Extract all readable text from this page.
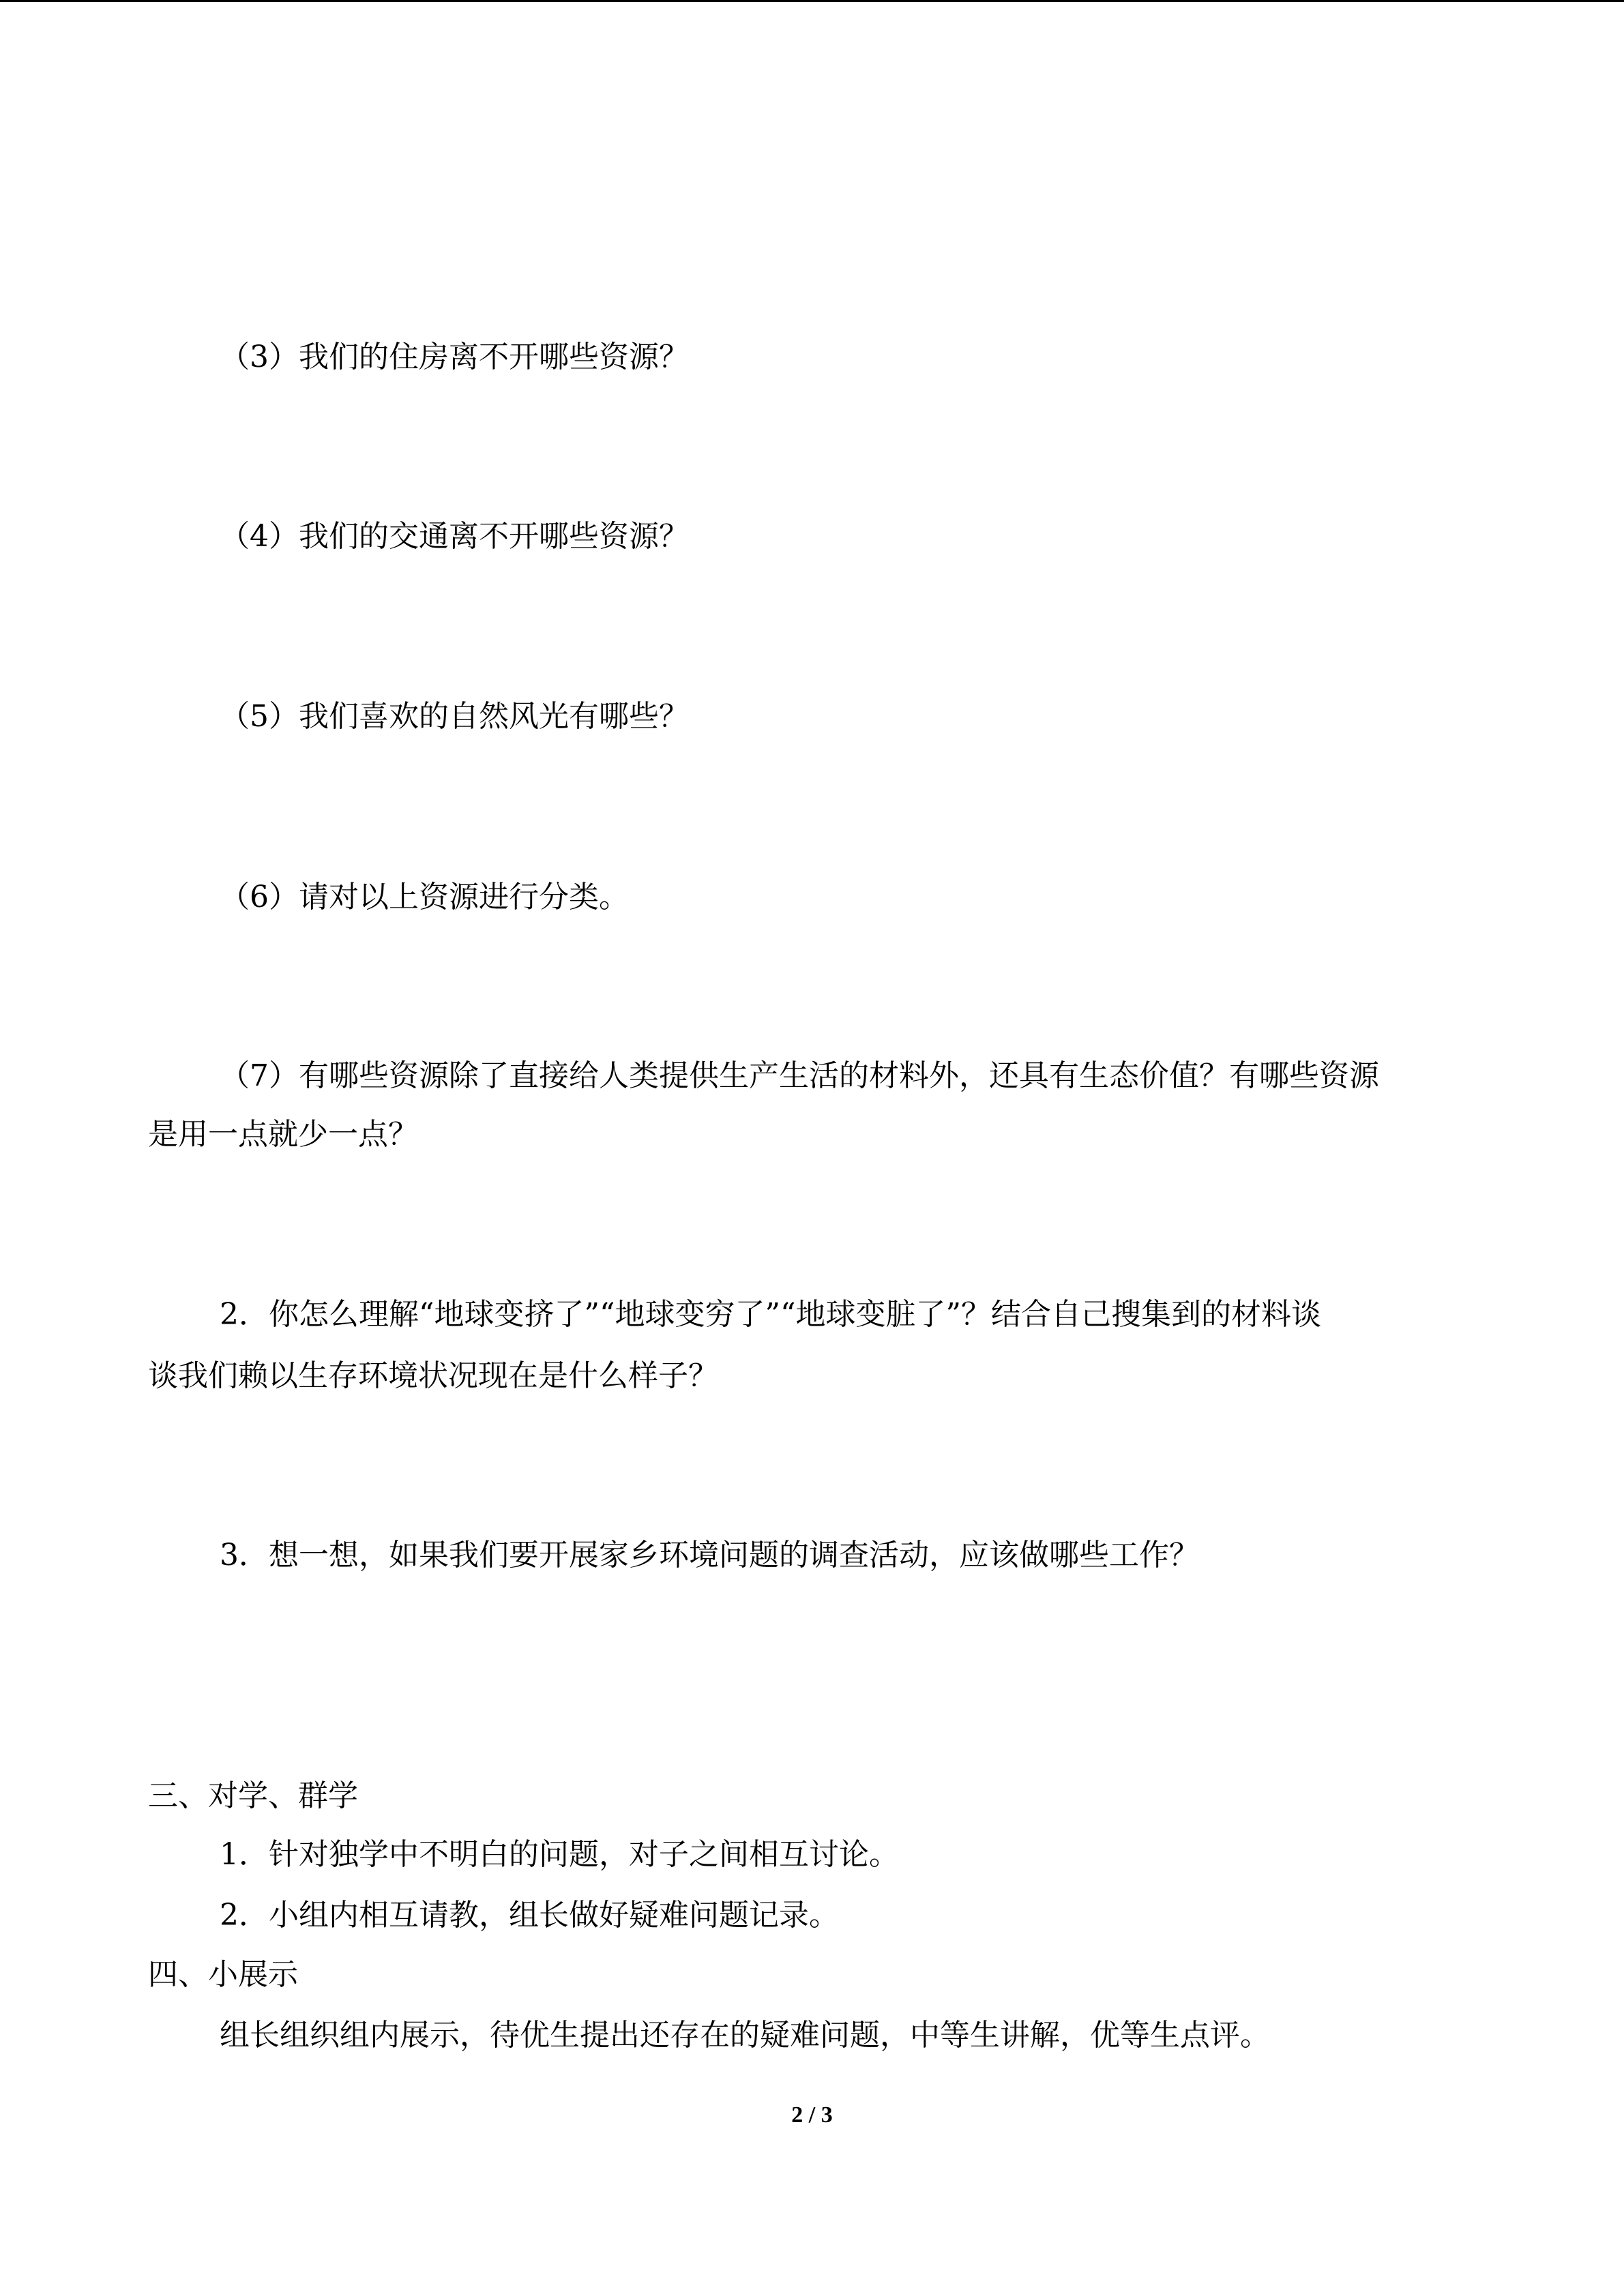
（3）我们的住房离不开哪些资源？
（4）我们的交通离不开哪些资源？
（5）我们喜欢的自然风光有哪些？
（6）请对以上资源进行分类。
（7）有哪些资源除了直接给人类提供生产生活的材料外，还具有生态价值？有哪些资源
是用一点就少一点？
2．你怎么理解“地球变挤了”“地球变穷了”“地球变脏了”？结合自己搜集到的材料谈
谈我们赖以生存环境状况现在是什么样子？
3．想一想，如果我们要开展家乡环境问题的调查活动，应该做哪些工作？
三、对学、群学
1．针对独学中不明白的问题，对子之间相互讨论。
2．小组内相互请教，组长做好疑难问题记录。
四、小展示
组长组织组内展示，待优生提出还存在的疑难问题，中等生讲解，优等生点评。
2 / 3
